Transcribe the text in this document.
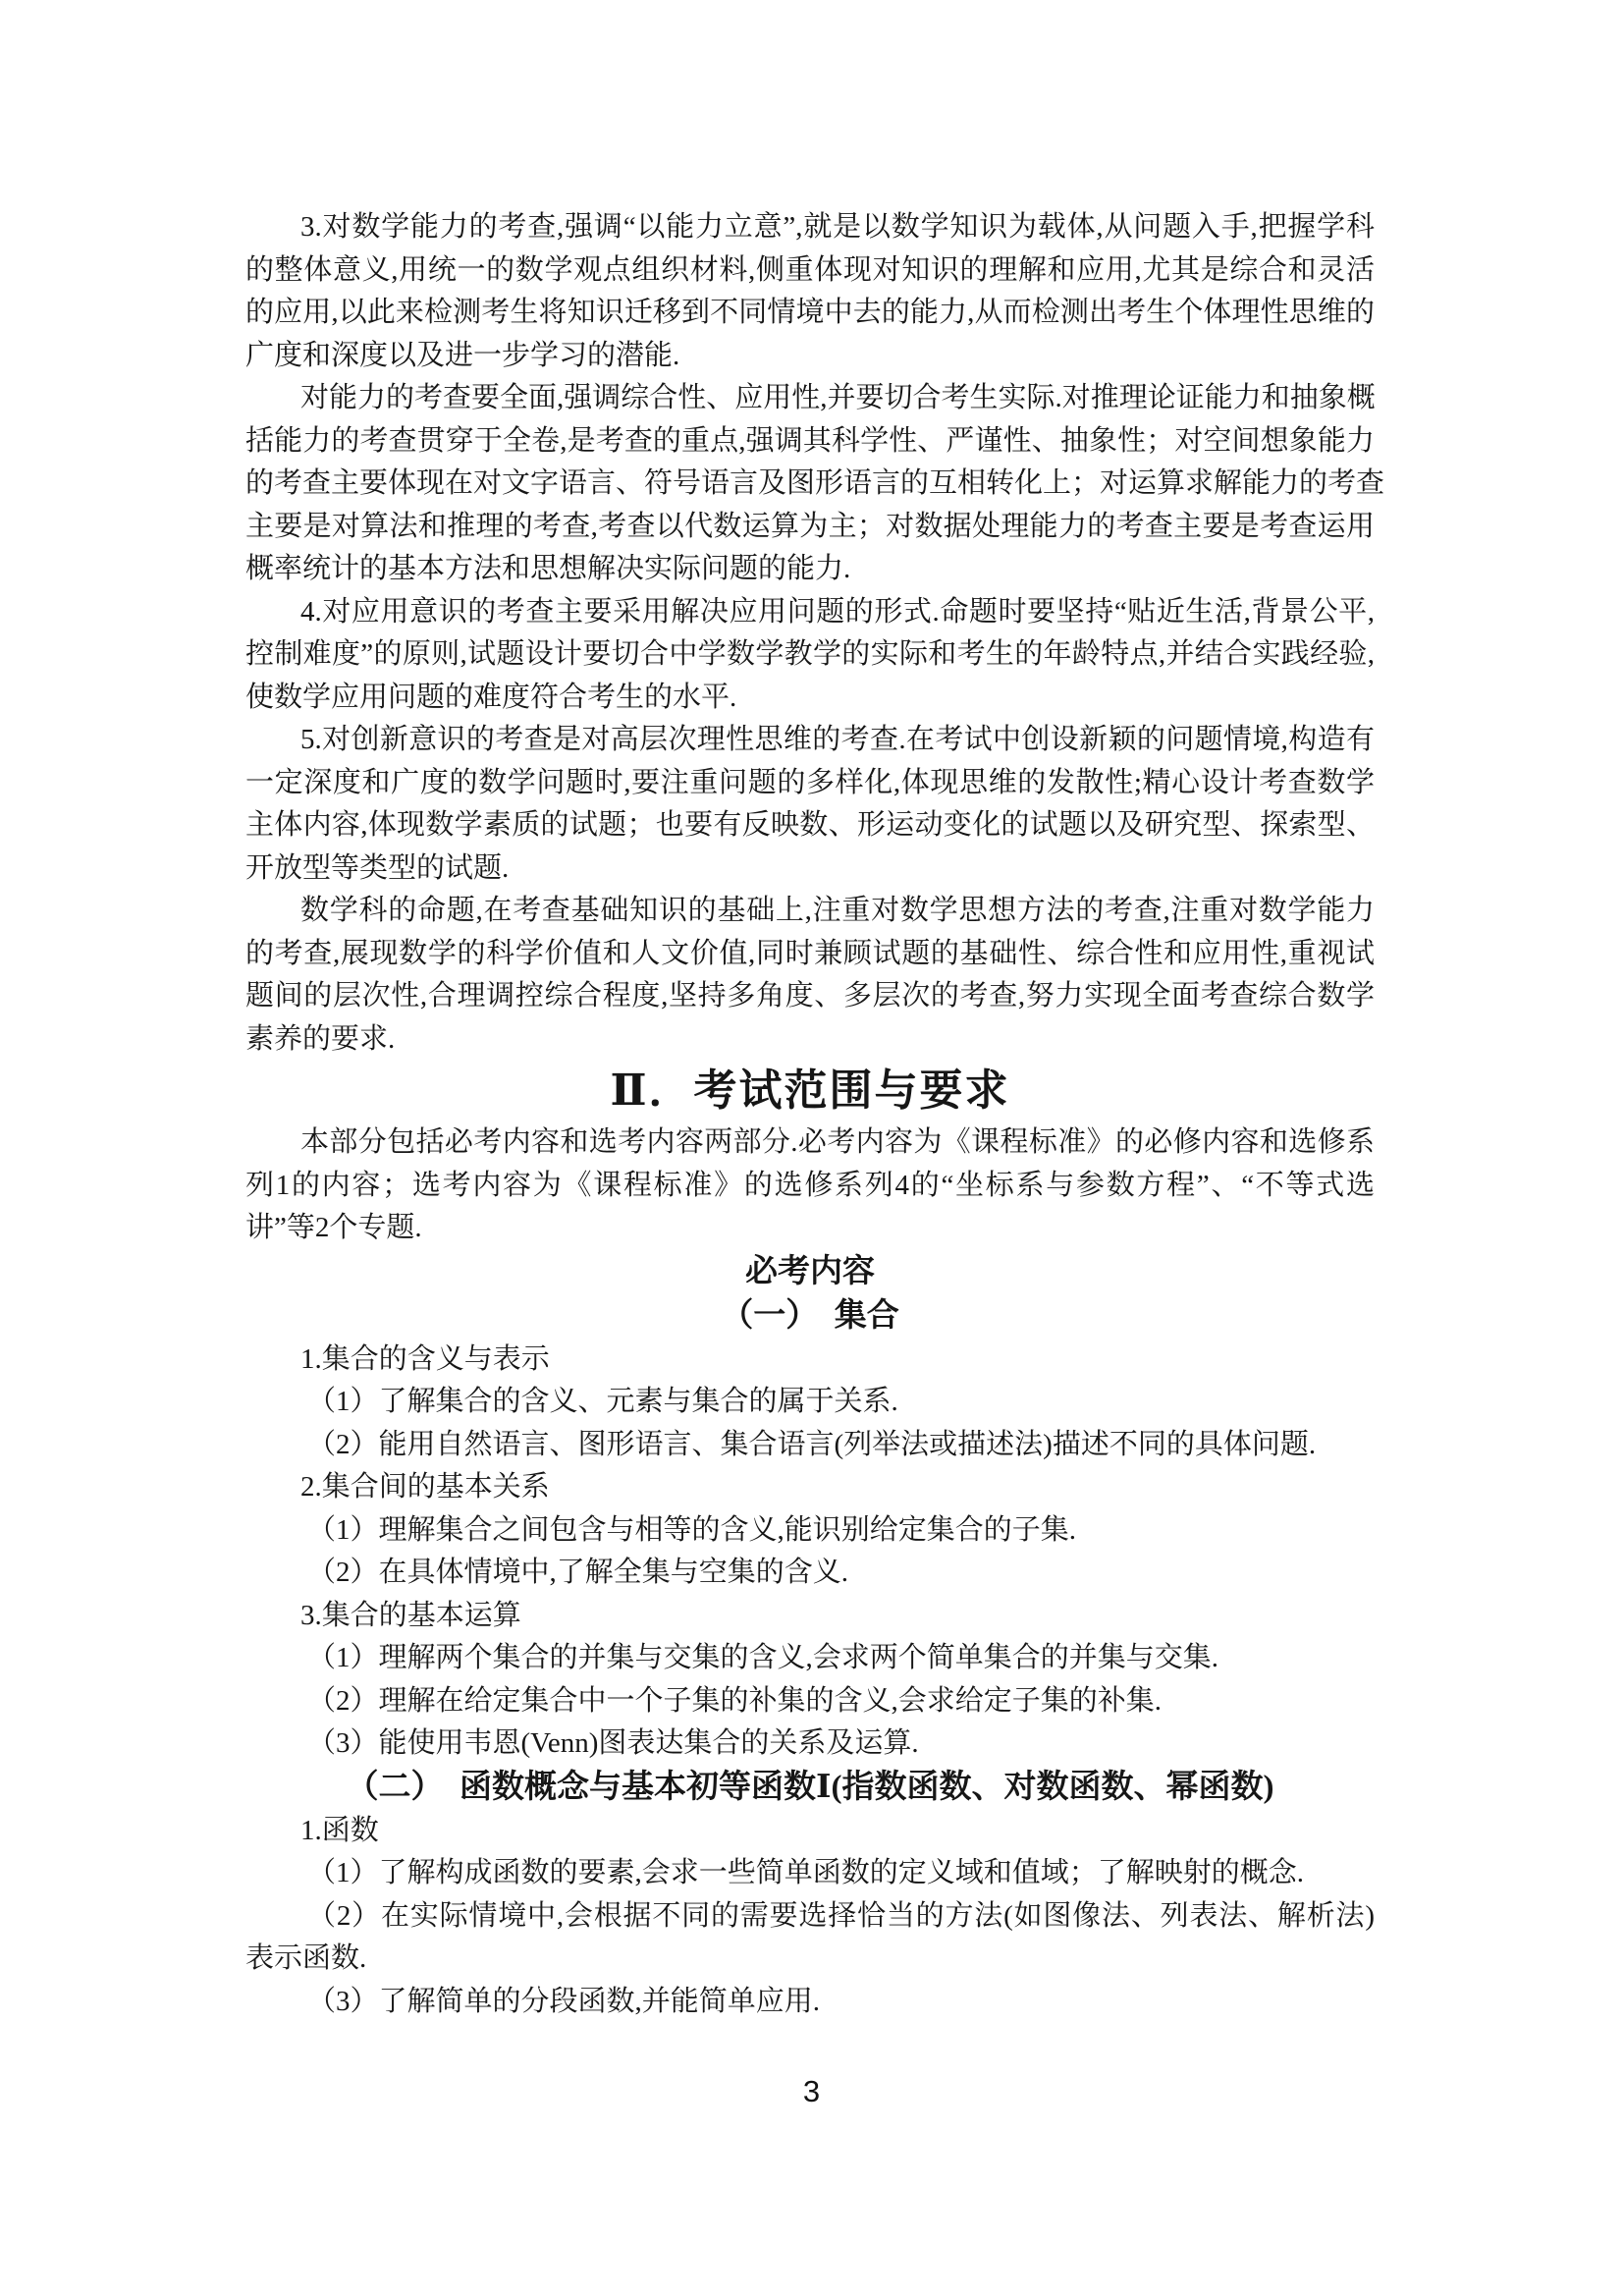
3.对数学能力的考查,强调“以能力立意”,就是以数学知识为载体,从问题入手,把握学科
的整体意义,用统一的数学观点组织材料,侧重体现对知识的理解和应用,尤其是综合和灵活
的应用,以此来检测考生将知识迁移到不同情境中去的能力,从而检测出考生个体理性思维的
广度和深度以及进一步学习的潜能.
对能力的考查要全面,强调综合性、应用性,并要切合考生实际.对推理论证能力和抽象概
括能力的考查贯穿于全卷,是考查的重点,强调其科学性、严谨性、抽象性；对空间想象能力
的考查主要体现在对文字语言、符号语言及图形语言的互相转化上；对运算求解能力的考查
主要是对算法和推理的考查,考查以代数运算为主；对数据处理能力的考查主要是考查运用
概率统计的基本方法和思想解决实际问题的能力.
4.对应用意识的考查主要采用解决应用问题的形式.命题时要坚持“贴近生活,背景公平,
控制难度”的原则,试题设计要切合中学数学教学的实际和考生的年龄特点,并结合实践经验,
使数学应用问题的难度符合考生的水平.
5.对创新意识的考查是对高层次理性思维的考查.在考试中创设新颖的问题情境,构造有
一定深度和广度的数学问题时,要注重问题的多样化,体现思维的发散性;精心设计考查数学
主体内容,体现数学素质的试题；也要有反映数、形运动变化的试题以及研究型、探索型、
开放型等类型的试题.
数学科的命题,在考查基础知识的基础上,注重对数学思想方法的考查,注重对数学能力
的考查,展现数学的科学价值和人文价值,同时兼顾试题的基础性、综合性和应用性,重视试
题间的层次性,合理调控综合程度,坚持多角度、多层次的考查,努力实现全面考查综合数学
素养的要求.
Ⅱ．考试范围与要求
本部分包括必考内容和选考内容两部分.必考内容为《课程标准》的必修内容和选修系
列1的内容；选考内容为《课程标准》的选修系列4的“坐标系与参数方程”、“不等式选
讲”等2个专题.
必考内容
（一）　集合
1.集合的含义与表示
（1）了解集合的含义、元素与集合的属于关系.
（2）能用自然语言、图形语言、集合语言(列举法或描述法)描述不同的具体问题.
2.集合间的基本关系
（1）理解集合之间包含与相等的含义,能识别给定集合的子集.
（2）在具体情境中,了解全集与空集的含义.
3.集合的基本运算
（1）理解两个集合的并集与交集的含义,会求两个简单集合的并集与交集.
（2）理解在给定集合中一个子集的补集的含义,会求给定子集的补集.
（3）能使用韦恩(Venn)图表达集合的关系及运算.
（二）　函数概念与基本初等函数Ⅰ(指数函数、对数函数、幂函数)
1.函数
（1）了解构成函数的要素,会求一些简单函数的定义域和值域；了解映射的概念.
（2）在实际情境中,会根据不同的需要选择恰当的方法(如图像法、列表法、解析法)
表示函数.
（3）了解简单的分段函数,并能简单应用.
3
